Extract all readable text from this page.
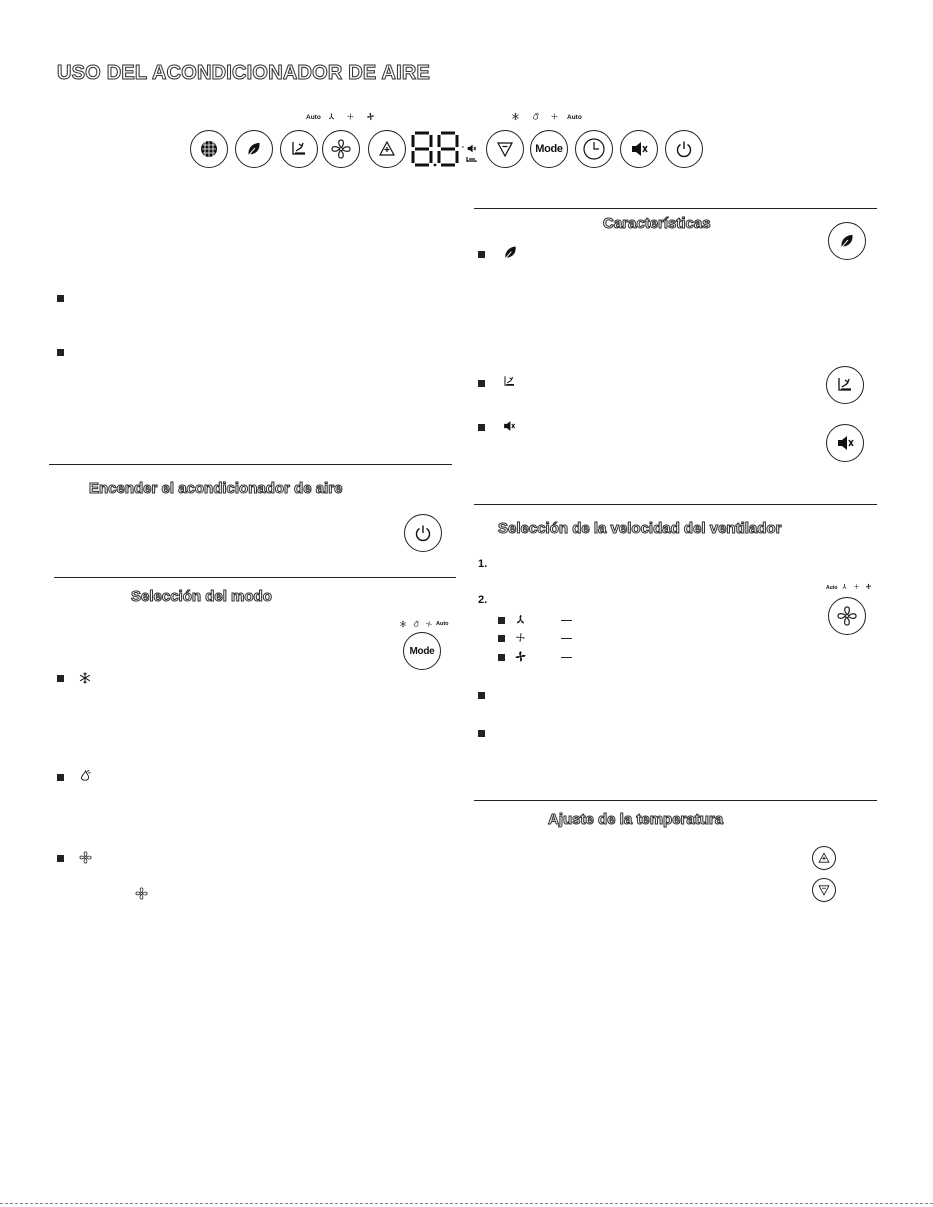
USO DEL ACONDICIONADOR DE AIRE
Auto	Auto
°	Mode
Encender el acondicionador de aire
Selección del modo
Auto
Mode
Características
Selección de la velocidad del ventilador
1.
2.
Auto
Ajuste de la temperatura
